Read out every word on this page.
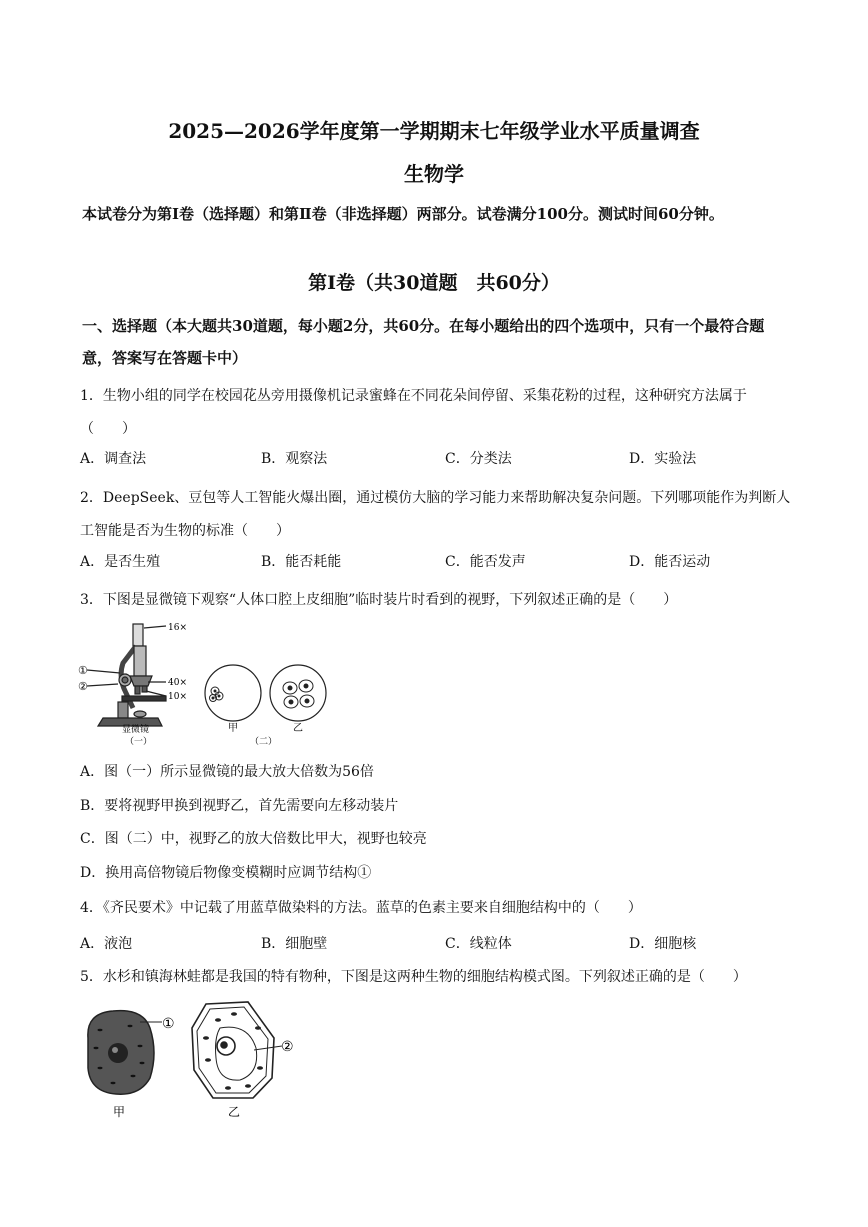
2025—2026学年度第一学期期末七年级学业水平质量调查
生物学
本试卷分为第Ⅰ卷（选择题）和第Ⅱ卷（非选择题）两部分。试卷满分100分。测试时间60分钟。
第Ⅰ卷（共30道题　共60分）
一、选择题（本大题共30道题，每小题2分，共60分。在每小题给出的四个选项中，只有一个最符合题意，答案写在答题卡中）
1．生物小组的同学在校园花丛旁用摄像机记录蜜蜂在不同花朵间停留、采集花粉的过程，这种研究方法属于（　　）
A．调查法	B．观察法	C．分类法	D．实验法
2．DeepSeek、豆包等人工智能火爆出圈，通过模仿大脑的学习能力来帮助解决复杂问题。下列哪项能作为判断人工智能是否为生物的标准（　　）
A．是否生殖	B．能否耗能	C．能否发声	D．能否运动
3．下图是显微镜下观察“人体口腔上皮细胞”临时装片时看到的视野，下列叙述正确的是（　　）
①
②
16×
40×
10×
显微镜
（一）
甲	乙
（二）
A．图（一）所示显微镜的最大放大倍数为56倍
B．要将视野甲换到视野乙，首先需要向左移动装片
C．图（二）中，视野乙的放大倍数比甲大，视野也较亮
D．换用高倍物镜后物像变模糊时应调节结构①
4．《齐民要术》中记载了用蓝草做染料的方法。蓝草的色素主要来自细胞结构中的（　　）
A．液泡	B．细胞壁	C．线粒体	D．细胞核
5．水杉和镇海林蛙都是我国的特有物种，下图是这两种生物的细胞结构模式图。下列叙述正确的是（　　）
①
甲
②
乙
